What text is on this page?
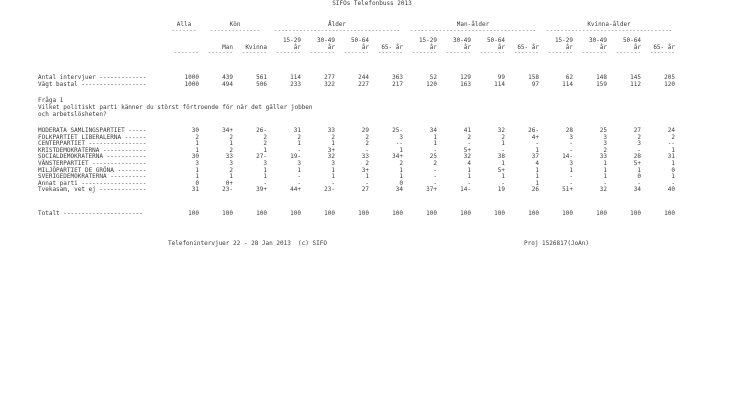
SIFOs Telefonbuss 2013

Fråga 1

Vilket politiskt parti känner du störst förtroende för när det gäller jobben

och arbetslösheten?

Telefonintervjuer 22 - 28 Jan 2013  (c) SIFO

	Proj 1526817(JoAn)

Alla	Kön	Ålder	Man-ålder	Kvinna-ålder
------- -------------- ----------------------------------- ----------------------------------- -----------------------------------
15-29	30-49	50-64	15-29	30-49	50-64	15-29	30-49	50-64
Man Kvinna	år	år	år 65- år	år	år	år 65- år	år	år	år 65- år
------- ------- ------- ------- ------- ------- ------- ------- ------- ------- ------- ------- ------- ------- -------
Antal intervjuer -------------	1000	439	561	114	277	244	363	52	129	99	158	62	148	145	205
Vägt bastal ------------------	1000	494	506	233	322	227	217	120	163	114	97	114	159	112	120
MODERATA SAMLINGSPARTIET -----	30	34+	26-	31	33	29	25-	34	41	32	26-	28	25	27	24
FOLKPARTIET LIBERALERNA ------	2	2	2	2	2	2	3	1	2	2	4+	3	3	2	2
CENTERPARTIET ----------------	1	1	2	1	1	2	--	1	-	1	-	-	3	3	--
KRISTDEMOKRATERNA ------------	1	2	1	-	3+	-	1	-	5+	-	1	-	2	-	1
SOCIALDEMOKRATERNA -----------	30	33	27-	19-	32	33	34+	25	32	38	37	14-	33	28	31
VÄNSTERPARTIET ---------------	3	3	3	3	3	2	2	2	4	1	4	3	1	5+	1
MILJÖPARTIET DE GRÖNA --------	1	2	1	1	1	3+	1	-	1	5+	1	1	1	1	0
SVERIGEDEMOKRATERNA ----------	1	1	1	-	1	1	1	-	1	1	1	-	1	0	1
Annat parti ------------------	0	0+	-	-	-	-	0	-	-	-	1	-	-	-	-
Tvekasam, vet ej -------------	31	23-	39+	44+	23-	27	34	37+	14-	19	26	51+	32	34	40
Totalt ----------------------	100	100	100	100	100	100	100	100	100	100	100	100	100	100	100
